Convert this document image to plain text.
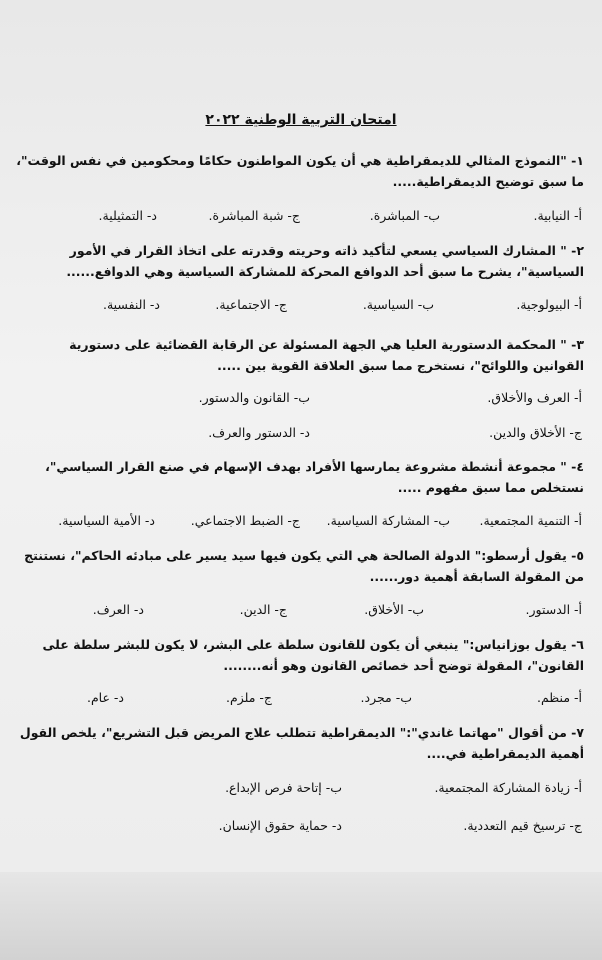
امتحان التربية الوطنية ٢٠٢٢
١- "النموذج المثالي للديمقراطية هي أن يكون المواطنون حكامًا ومحكومين في نفس الوقت"، ما سبق توضيح الديمقراطية.....
أ- النيابية.
ب- المباشرة.
ج- شبة المباشرة.
د- التمثيلية.
٢- " المشارك السياسي يسعي لتأكيد ذاته وحريته وقدرته على اتخاذ القرار في الأمور السياسية"، يشرح ما سبق أحد الدوافع المحركة للمشاركة السياسية وهي الدوافع......
أ- البيولوجية.
ب- السياسية.
ج- الاجتماعية.
د- النفسية.
٣- " المحكمة الدستورية العليا هي الجهة المسئولة عن الرقابة القضائية على دستورية القوانين واللوائح"، نستخرج مما سبق العلاقة القوية بين .....
أ- العرف والأخلاق.
ب- القانون والدستور.
ج- الأخلاق والدين.
د- الدستور والعرف.
٤- " مجموعة أنشطة مشروعة يمارسها الأفراد بهدف الإسهام في صنع القرار السياسي"، نستخلص مما سبق مفهوم .....
أ- التنمية المجتمعية.
ب- المشاركة السياسية.
ج- الضبط الاجتماعي.
د- الأمية السياسية.
٥- يقول أرسطو:" الدولة الصالحة هي التي يكون فيها سيد يسير على مبادئه الحاكم"، نستنتج من المقولة السابقة أهمية دور......
أ- الدستور.
ب- الأخلاق.
ج- الدين.
د- العرف.
٦- يقول بوزانياس:" ينبغي أن يكون للقانون سلطة على البشر، لا يكون للبشر سلطة على القانون"، المقولة توضح أحد خصائص القانون وهو أنه........
أ- منظم.
ب- مجرد.
ج- ملزم.
د- عام.
٧- من أقوال "مهاتما غاندي":" الديمقراطية تتطلب علاج المريض قبل التشريع"، يلخص القول أهمية الديمقراطية في....
أ- زيادة المشاركة المجتمعية.
ب- إتاحة فرص الإبداع.
ج- ترسيخ قيم التعددية.
د- حماية حقوق الإنسان.
